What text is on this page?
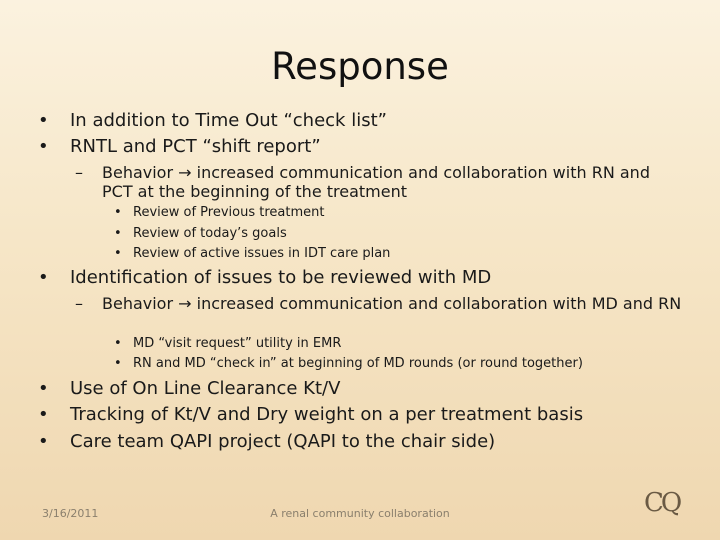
Response
• In addition to Time Out “check list”
• RNTL and PCT “shift report”
– Behavior → increased communication and collaboration with RN and PCT at the beginning of the treatment
• Review of Previous treatment
• Review of today’s goals
• Review of active issues in IDT care plan
• Identification of issues to be reviewed with MD
– Behavior → increased communication and collaboration with MD and RN
• MD “visit request” utility in EMR
• RN and MD “check in” at beginning of MD rounds (or round together)
• Use of On Line Clearance Kt/V
• Tracking of Kt/V and Dry weight on a per treatment basis
• Care team QAPI project (QAPI to the chair side)
3/16/2011	A renal community collaboration	CQ
